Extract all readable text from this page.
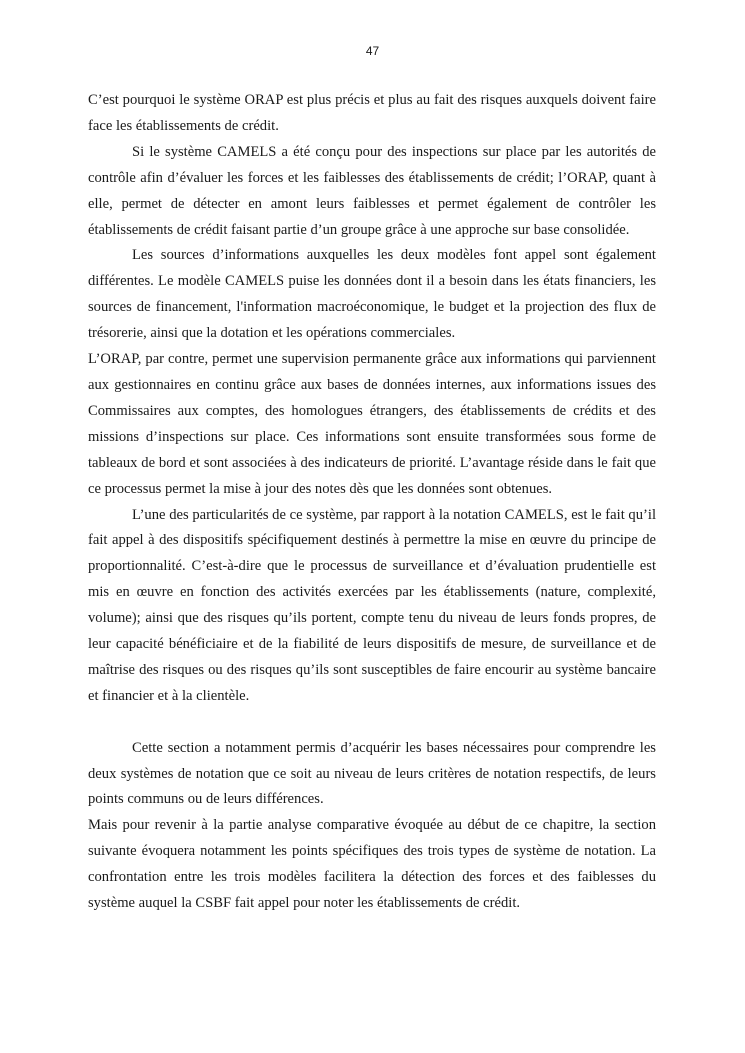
47

C’est pourquoi le système ORAP est plus précis et plus au fait des risques auxquels doivent faire face les établissements de crédit.

Si le système CAMELS a été conçu pour des inspections sur place par les autorités de contrôle afin d’évaluer les forces et les faiblesses des établissements de crédit; l’ORAP, quant à elle, permet de détecter en amont leurs faiblesses et permet également de contrôler les établissements de crédit faisant partie d’un groupe grâce à une approche sur base consolidée.

Les sources d’informations auxquelles les deux modèles font appel sont également différentes. Le modèle CAMELS puise les données dont il a besoin dans les états financiers, les sources de financement, l'information macroéconomique, le budget et la projection des flux de trésorerie, ainsi que la dotation et les opérations commerciales.

L’ORAP, par contre, permet une supervision permanente grâce aux informations qui parviennent aux gestionnaires en continu grâce aux bases de données internes, aux informations issues des Commissaires aux comptes, des homologues étrangers, des établissements de crédits et des missions d’inspections sur place. Ces informations sont ensuite transformées sous forme de tableaux de bord et sont associées à des indicateurs de priorité. L’avantage réside dans le fait que ce processus permet la mise à jour des notes dès que les données sont obtenues.

L’une des particularités de ce système, par rapport à la notation CAMELS, est le fait qu’il fait appel à des dispositifs spécifiquement destinés à permettre la mise en œuvre du principe de proportionnalité. C’est-à-dire que le processus de surveillance et d’évaluation prudentielle est mis en œuvre en fonction des activités exercées par les établissements (nature, complexité, volume); ainsi que des risques qu’ils portent, compte tenu du niveau de leurs fonds propres, de leur capacité bénéficiaire et de la fiabilité de leurs dispositifs de mesure, de surveillance et de maîtrise des risques ou des risques qu’ils sont susceptibles de faire encourir au système bancaire et financier et à la clientèle.

Cette section a notamment permis d’acquérir les bases nécessaires pour comprendre les deux systèmes de notation que ce soit au niveau de leurs critères de notation respectifs, de leurs points communs ou de leurs différences.

Mais pour revenir à la partie analyse comparative évoquée au début de ce chapitre, la section suivante évoquera notamment les points spécifiques des trois types de système de notation. La confrontation entre les trois modèles facilitera la détection des forces et des faiblesses du système auquel la CSBF fait appel pour noter les établissements de crédit.
